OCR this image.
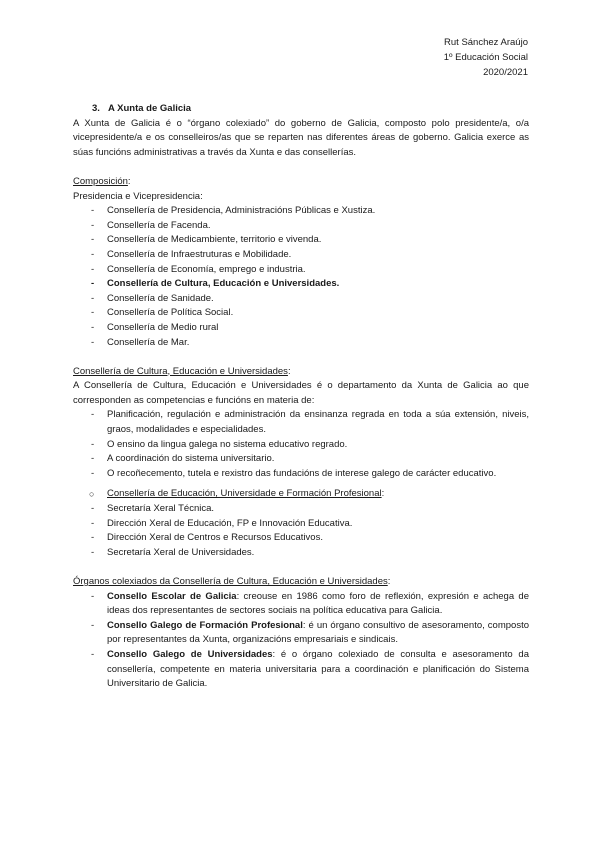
Rut Sánchez Araújo
1º Educación Social
2020/2021

3. A Xunta de Galicia

A Xunta de Galicia é o “órgano colexiado” do goberno de Galicia, composto polo presidente/a, o/a vicepresidente/a e os conselleiros/as que se reparten nas diferentes áreas de goberno. Galicia exerce as súas funcións administrativas a través da Xunta e das consellerías.

Composición:

Presidencia e Vicepresidencia:

- Consellería de Presidencia, Administracións Públicas e Xustiza.
- Consellería de Facenda.
- Consellería de Medicambiente, territorio e vivenda.
- Consellería de Infraestruturas e Mobilidade.
- Consellería de Economía, emprego e industria.
- Consellería de Cultura, Educación e Universidades.
- Consellería de Sanidade.
- Consellería de Política Social.
- Consellería de Medio rural
- Consellería de Mar.

Consellería de Cultura, Educación e Universidades:

A Consellería de Cultura, Educación e Universidades é o departamento da Xunta de Galicia ao que corresponden as competencias e funcións en materia de:

- Planificación, regulación e administración da ensinanza regrada en toda a súa extensión, niveis, graos, modalidades e especialidades.
- O ensino da lingua galega no sistema educativo regrado.
- A coordinación do sistema universitario.
- O recoñecemento, tutela e rexistro das fundacións de interese galego de carácter educativo.

○ Consellería de Educación, Universidade e Formación Profesional:

- Secretaría Xeral Técnica.
- Dirección Xeral de Educación, FP e Innovación Educativa.
- Dirección Xeral de Centros e Recursos Educativos.
- Secretaría Xeral de Universidades.

Órganos colexiados da Consellería de Cultura, Educación e Universidades:

- Consello Escolar de Galicia: creouse en 1986 como foro de reflexión, expresión e achega de ideas dos representantes de sectores sociais na política educativa para Galicia.
- Consello Galego de Formación Profesional: é un órgano consultivo de asesoramento, composto por representantes da Xunta, organizacións empresariais e sindicais.
- Consello Galego de Universidades: é o órgano colexiado de consulta e asesoramento da consellería, competente en materia universitaria para a coordinación e planificación do Sistema Universitario de Galicia.
